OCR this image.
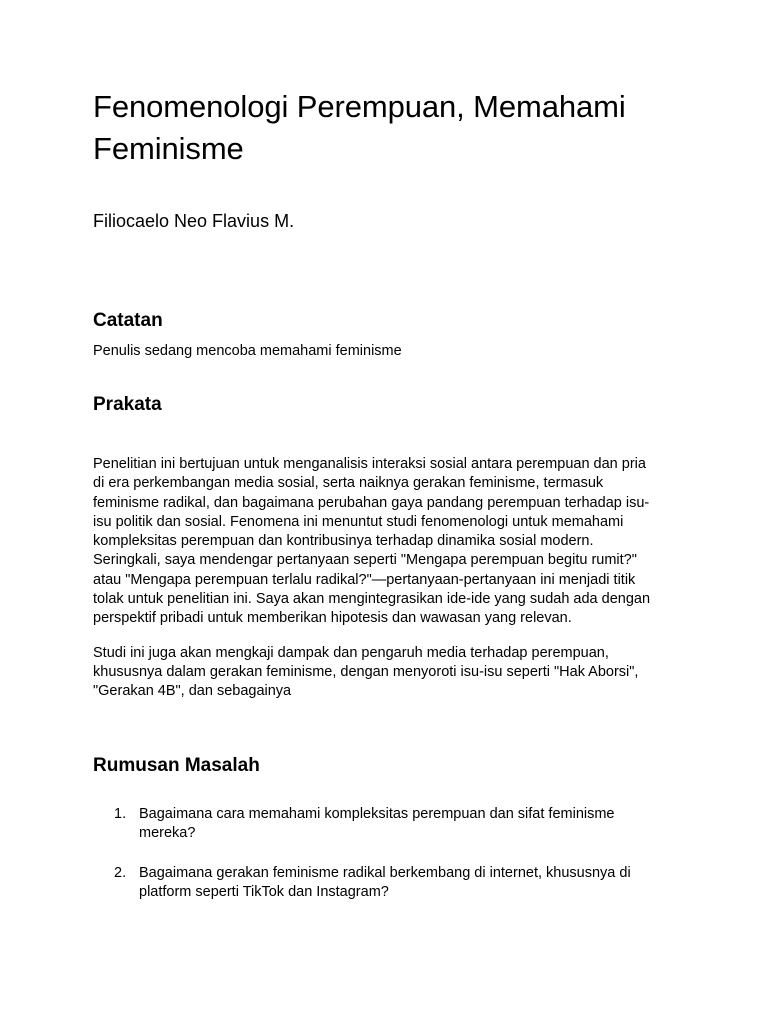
Fenomenologi Perempuan, Memahami Feminisme

Filiocaelo Neo Flavius M.

Catatan

Penulis sedang mencoba memahami feminisme

Prakata

Penelitian ini bertujuan untuk menganalisis interaksi sosial antara perempuan dan pria di era perkembangan media sosial, serta naiknya gerakan feminisme, termasuk feminisme radikal, dan bagaimana perubahan gaya pandang perempuan terhadap isu-isu politik dan sosial. Fenomena ini menuntut studi fenomenologi untuk memahami kompleksitas perempuan dan kontribusinya terhadap dinamika sosial modern. Seringkali, saya mendengar pertanyaan seperti "Mengapa perempuan begitu rumit?" atau "Mengapa perempuan terlalu radikal?"—pertanyaan-pertanyaan ini menjadi titik tolak untuk penelitian ini. Saya akan mengintegrasikan ide-ide yang sudah ada dengan perspektif pribadi untuk memberikan hipotesis dan wawasan yang relevan.

Studi ini juga akan mengkaji dampak dan pengaruh media terhadap perempuan, khususnya dalam gerakan feminisme, dengan menyoroti isu-isu seperti "Hak Aborsi", "Gerakan 4B", dan sebagainya

Rumusan Masalah
1. Bagaimana cara memahami kompleksitas perempuan dan sifat feminisme mereka?
2. Bagaimana gerakan feminisme radikal berkembang di internet, khususnya di platform seperti TikTok dan Instagram?
